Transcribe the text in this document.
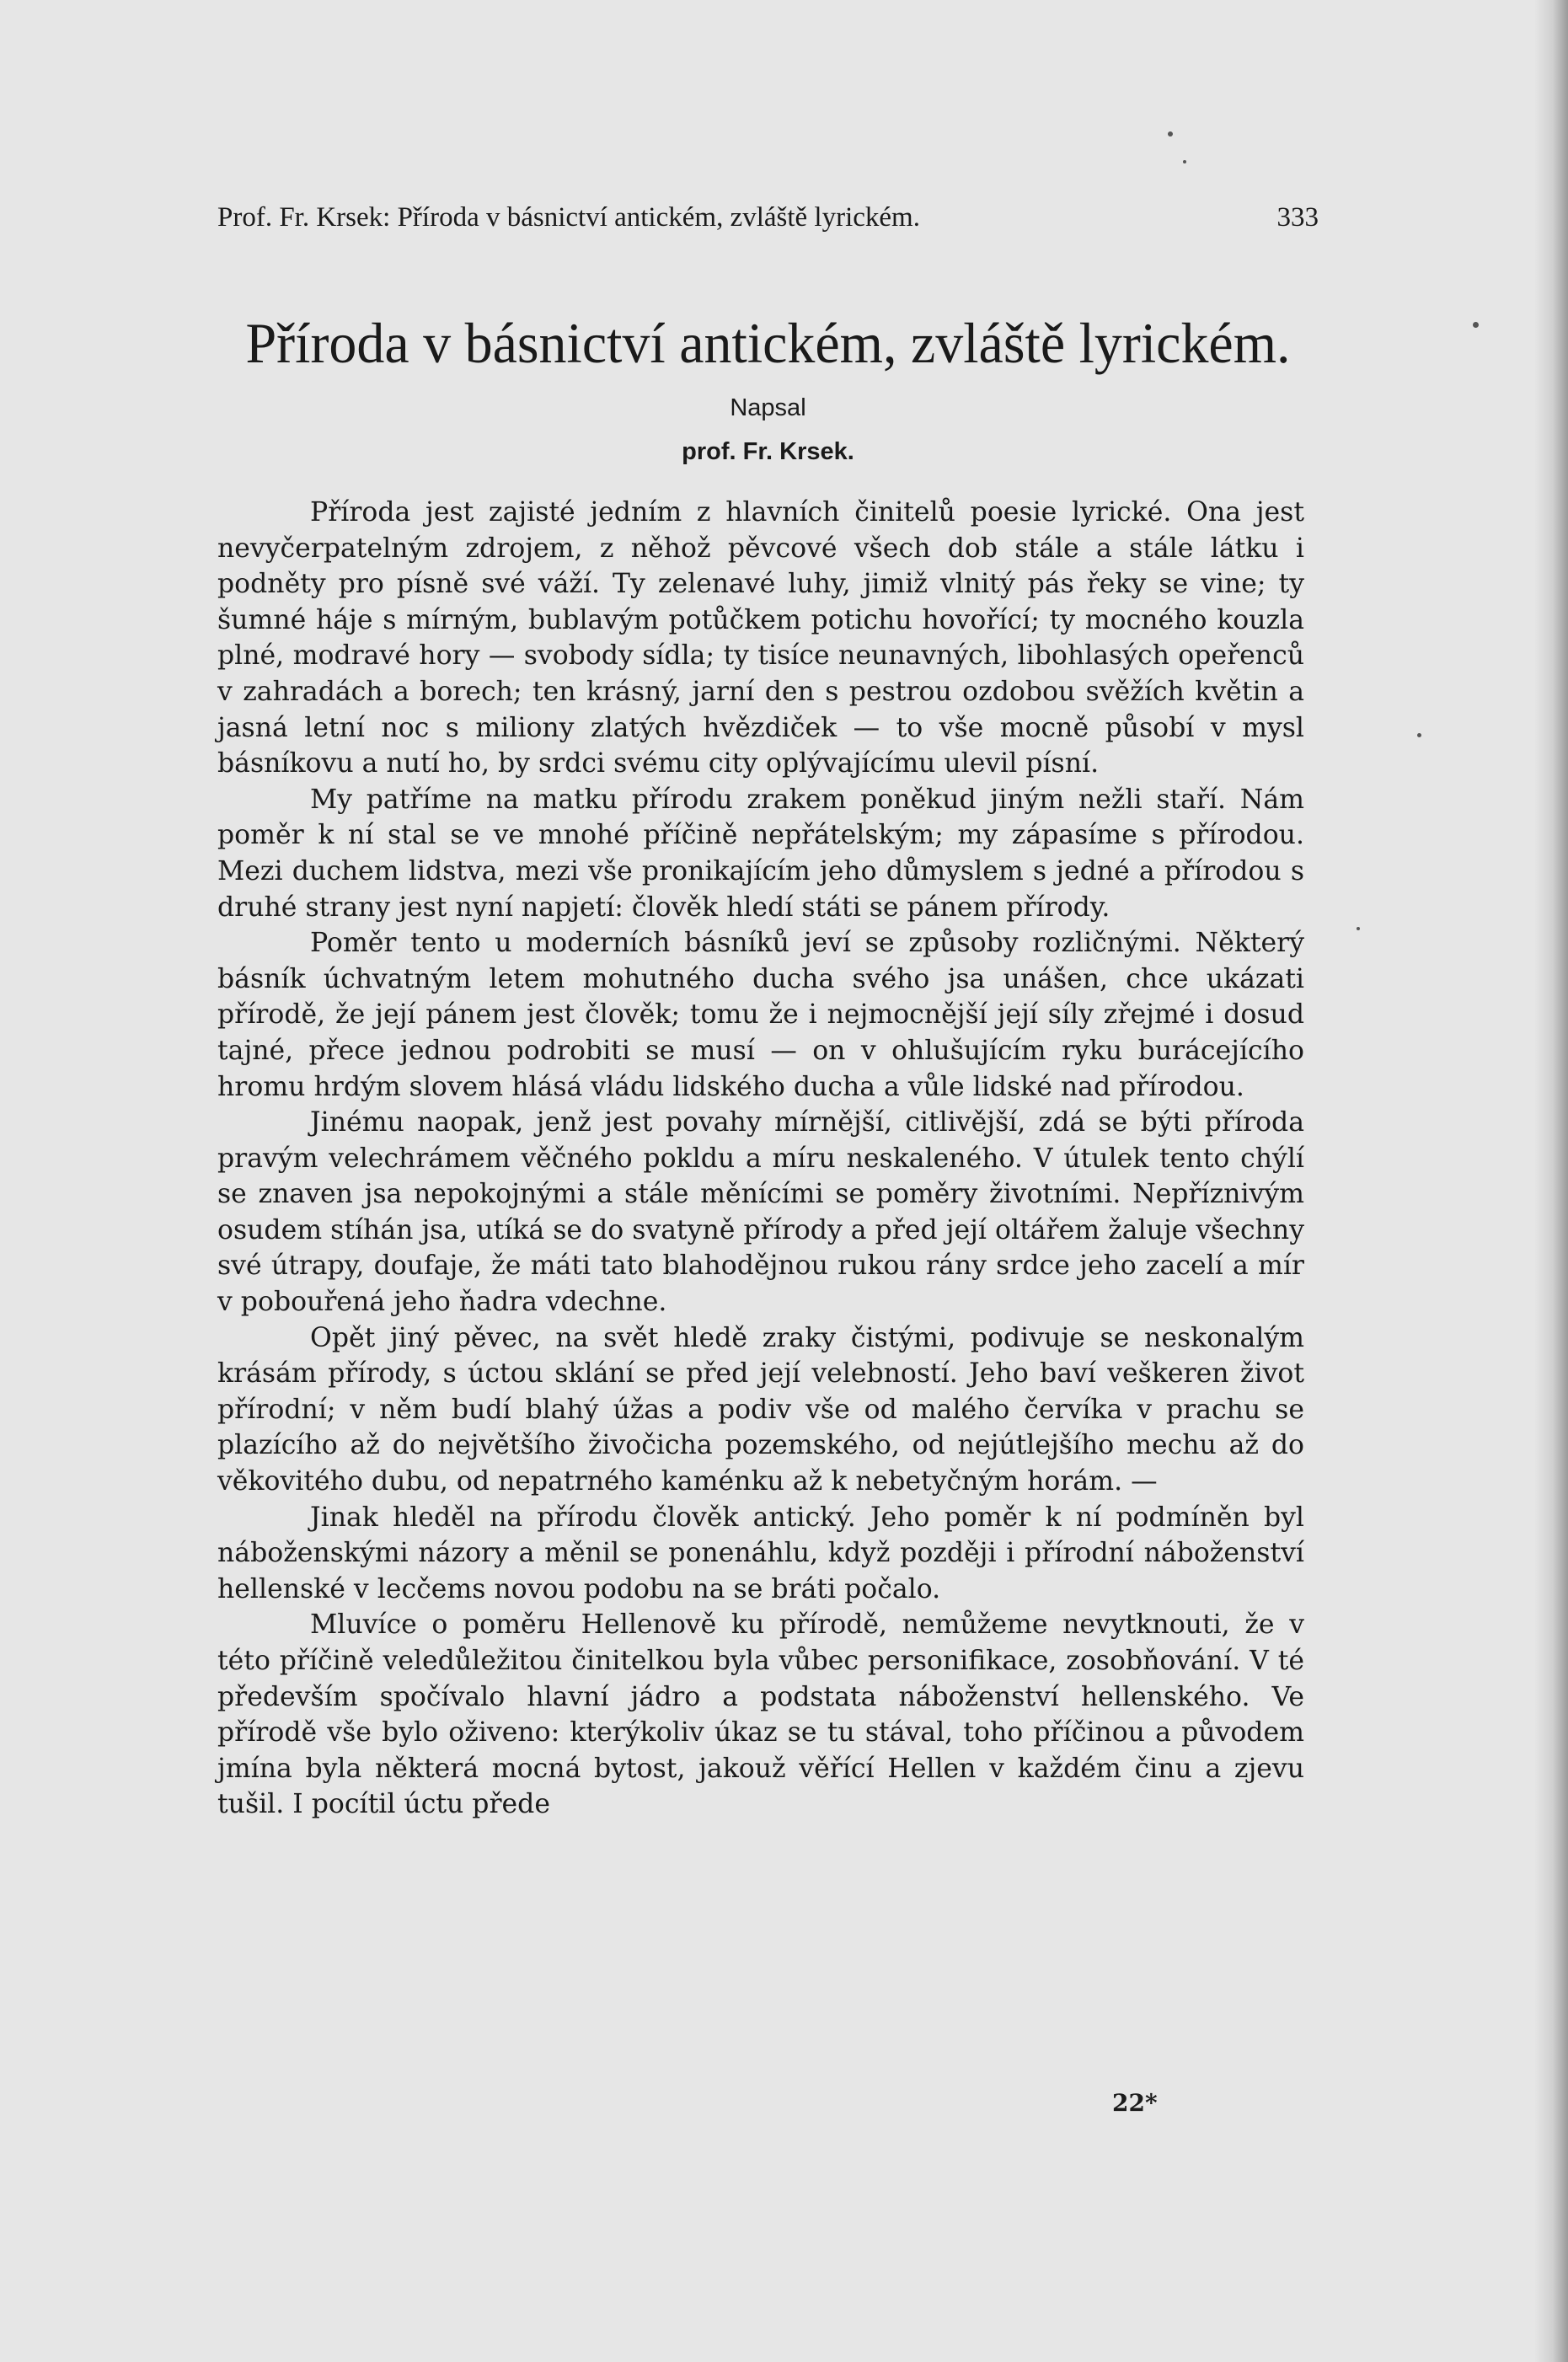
Prof. Fr. Krsek: Příroda v básnictví antickém, zvláště lyrickém.	333
Příroda v básnictví antickém, zvláště lyrickém.
Napsal
prof. Fr. Krsek.

Příroda jest zajisté jedním z hlavních činitelů poesie lyrické. Ona jest nevyčerpatelným zdrojem, z něhož pěvcové všech dob stále a stále látku i podněty pro písně své váží. Ty zelenavé luhy, jimiž vlnitý pás řeky se vine; ty šumné háje s mírným, bublavým potůčkem potichu hovořící; ty mocného kouzla plné, modravé hory — svobody sídla; ty tisíce neunavných, libohlasých opeřenců v zahradách a borech; ten krásný, jarní den s pestrou ozdobou svěžích květin a jasná letní noc s miliony zlatých hvězdiček — to vše mocně působí v mysl básníkovu a nutí ho, by srdci svému city oplývajícímu ulevil písní.

My patříme na matku přírodu zrakem poněkud jiným nežli staří. Nám poměr k ní stal se ve mnohé příčině nepřátelským; my zápasíme s přírodou. Mezi duchem lidstva, mezi vše pronikajícím jeho důmyslem s jedné a přírodou s druhé strany jest nyní napjetí: člověk hledí státi se pánem přírody.

Poměr tento u moderních básníků jeví se způsoby rozličnými. Některý básník úchvatným letem mohutného ducha svého jsa unášen, chce ukázati přírodě, že její pánem jest člověk; tomu že i nejmocnější její síly zřejmé i dosud tajné, přece jednou podrobiti se musí — on v ohlušujícím ryku burácejícího hromu hrdým slovem hlásá vládu lidského ducha a vůle lidské nad přírodou.

Jinému naopak, jenž jest povahy mírnější, citlivější, zdá se býti příroda pravým velechrámem věčného pokldu a míru neskaleného. V útulek tento chýlí se znaven jsa nepokojnými a stále měnícími se poměry životními. Nepříznivým osudem stíhán jsa, utíká se do svatyně přírody a před její oltářem žaluje všechny své útrapy, doufaje, že máti tato blahodějnou rukou rány srdce jeho zacelí a mír v pobouřená jeho ňadra vdechne.

Opět jiný pěvec, na svět hledě zraky čistými, podivuje se neskonalým krásám přírody, s úctou sklání se před její velebností. Jeho baví veškeren život přírodní; v něm budí blahý úžas a podiv vše od malého červíka v prachu se plazícího až do největšího živočicha pozemského, od nejútlejšího mechu až do věkovitého dubu, od nepatrného kaménku až k nebetyčným horám. —

Jinak hleděl na přírodu člověk antický. Jeho poměr k ní podmíněn byl náboženskými názory a měnil se ponenáhlu, když později i přírodní náboženství hellenské v lecčems novou podobu na se bráti počalo.

Mluvíce o poměru Hellenově ku přírodě, nemůžeme nevytknouti, že v této příčině veledůležitou činitelkou byla vůbec personifikace, zosobňování. V té především spočívalo hlavní jádro a podstata náboženství hellenského. Ve přírodě vše bylo oživeno: kterýkoliv úkaz se tu stával, toho příčinou a původem jmína byla některá mocná bytost, jakouž věřící Hellen v každém činu a zjevu tušil. I pocítil úctu přede

22*
